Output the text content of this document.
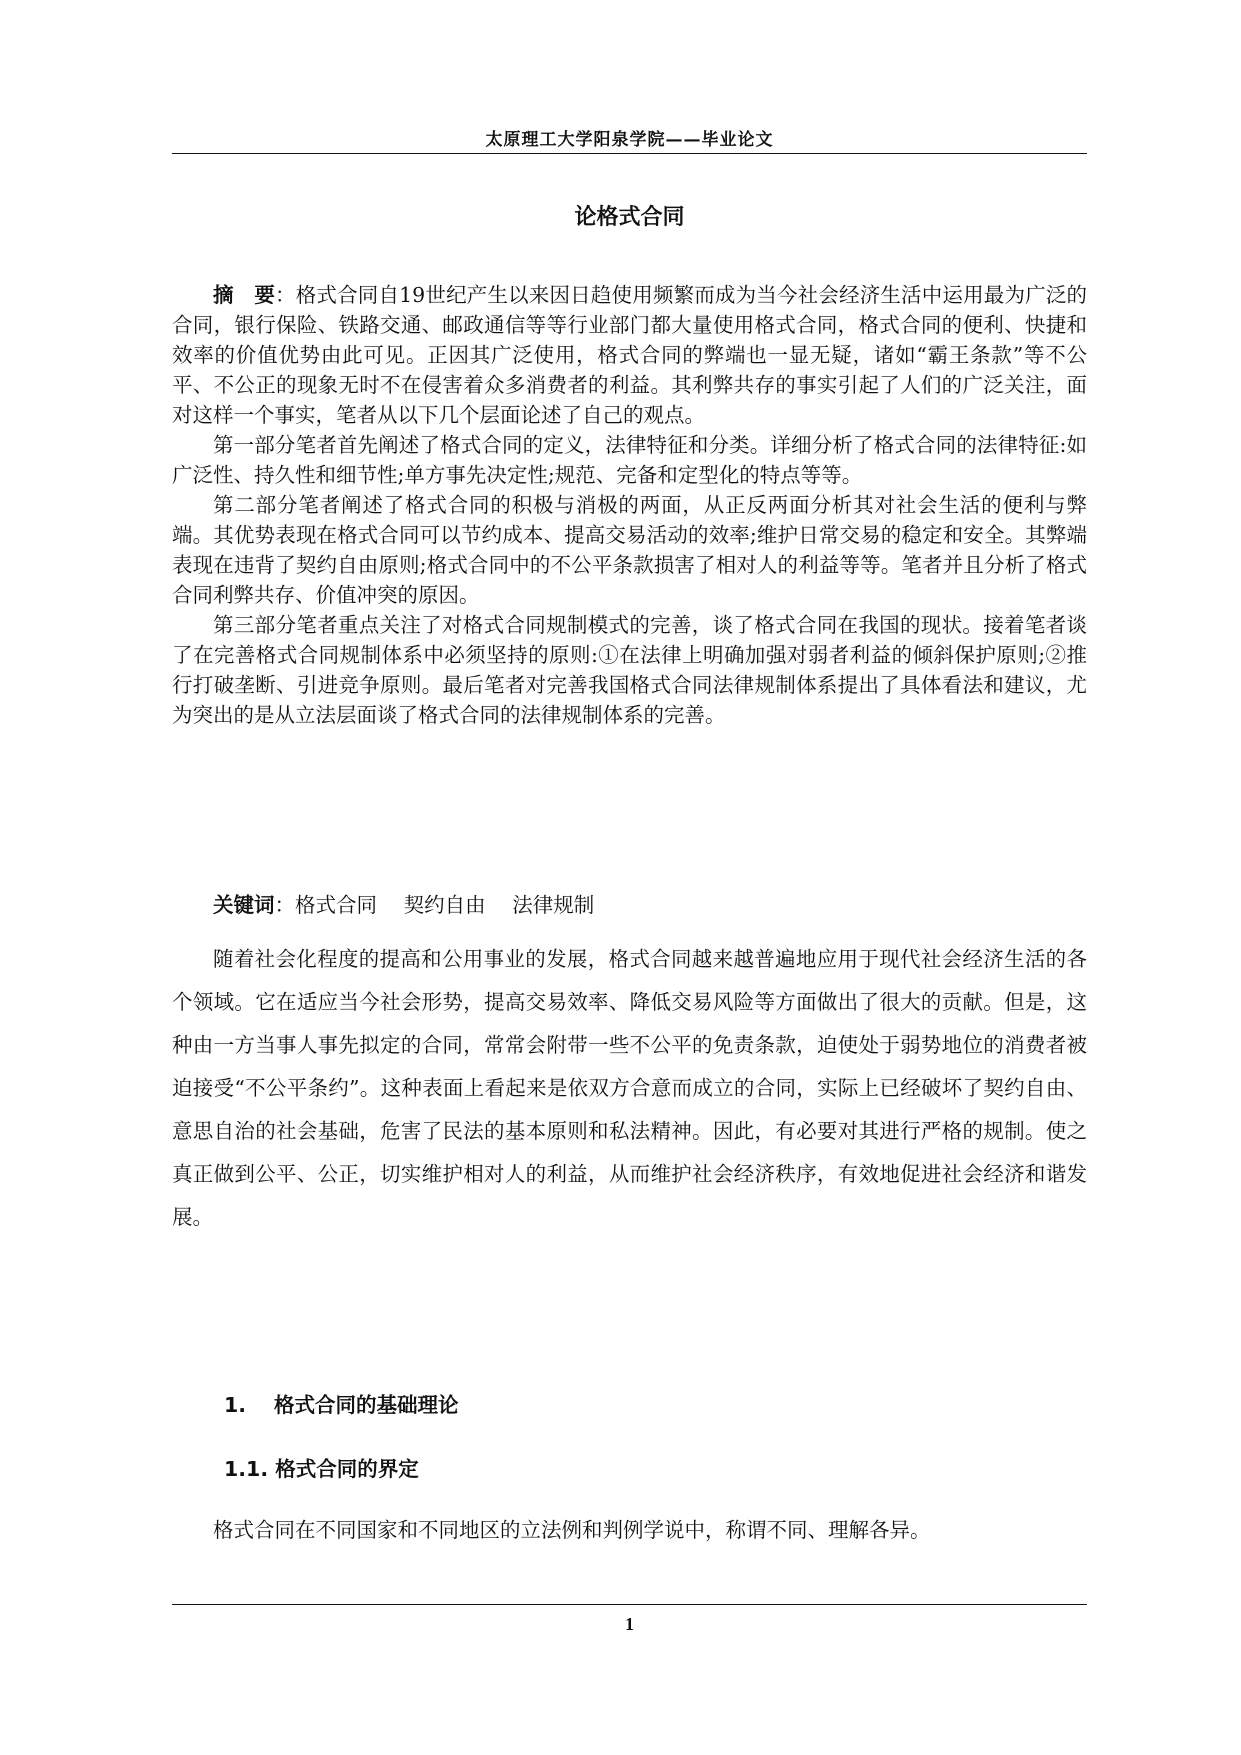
太原理工大学阳泉学院——毕业论文
论格式合同

摘　要：格式合同自19世纪产生以来因日趋使用频繁而成为当今社会经济生活中运用最为广泛的合同，银行保险、铁路交通、邮政通信等等行业部门都大量使用格式合同，格式合同的便利、快捷和效率的价值优势由此可见。正因其广泛使用，格式合同的弊端也一显无疑，诸如“霸王条款”等不公平、不公正的现象无时不在侵害着众多消费者的利益。其利弊共存的事实引起了人们的广泛关注，面对这样一个事实，笔者从以下几个层面论述了自己的观点。

第一部分笔者首先阐述了格式合同的定义，法律特征和分类。详细分析了格式合同的法律特征:如广泛性、持久性和细节性;单方事先决定性;规范、完备和定型化的特点等等。

第二部分笔者阐述了格式合同的积极与消极的两面，从正反两面分析其对社会生活的便利与弊端。其优势表现在格式合同可以节约成本、提高交易活动的效率;维护日常交易的稳定和安全。其弊端表现在违背了契约自由原则;格式合同中的不公平条款损害了相对人的利益等等。笔者并且分析了格式合同利弊共存、价值冲突的原因。

第三部分笔者重点关注了对格式合同规制模式的完善，谈了格式合同在我国的现状。接着笔者谈了在完善格式合同规制体系中必须坚持的原则:①在法律上明确加强对弱者利益的倾斜保护原则;②推行打破垄断、引进竞争原则。最后笔者对完善我国格式合同法律规制体系提出了具体看法和建议，尤为突出的是从立法层面谈了格式合同的法律规制体系的完善。

关键词：格式合同 契约自由 法律规制

随着社会化程度的提高和公用事业的发展，格式合同越来越普遍地应用于现代社会经济生活的各个领域。它在适应当今社会形势，提高交易效率、降低交易风险等方面做出了很大的贡献。但是，这种由一方当事人事先拟定的合同，常常会附带一些不公平的免责条款，迫使处于弱势地位的消费者被迫接受“不公平条约”。这种表面上看起来是依双方合意而成立的合同，实际上已经破坏了契约自由、意思自治的社会基础，危害了民法的基本原则和私法精神。因此，有必要对其进行严格的规制。使之真正做到公平、公正，切实维护相对人的利益，从而维护社会经济秩序，有效地促进社会经济和谐发展。

1. 格式合同的基础理论
1.1. 格式合同的界定

格式合同在不同国家和不同地区的立法例和判例学说中，称谓不同、理解各异。

1
